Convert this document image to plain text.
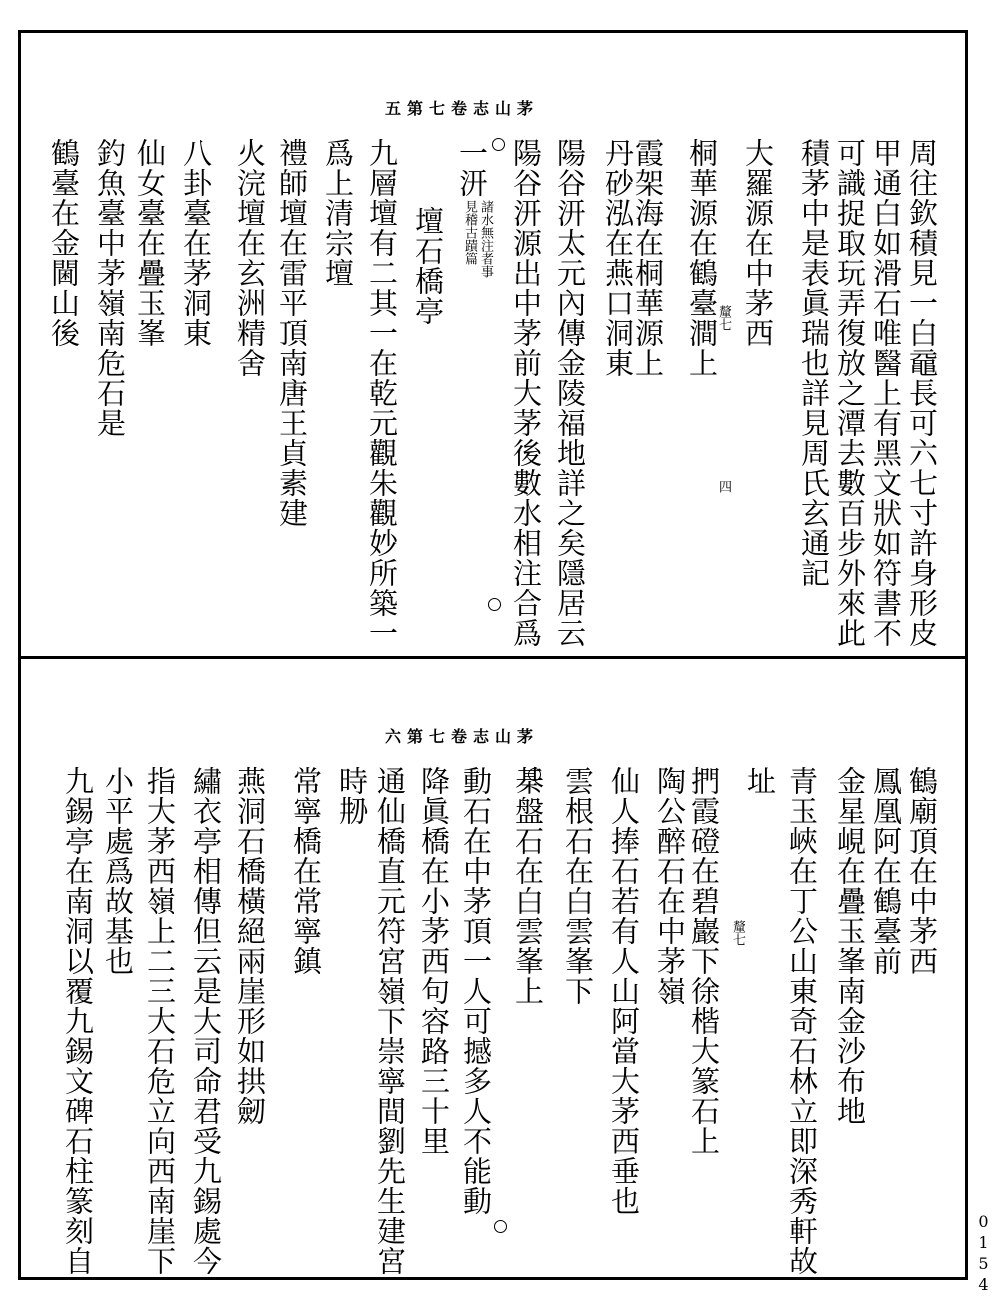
茅山志卷七第五
茅山志卷七第六
周往欽積見一白黿長可六七寸許身形皮
甲通白如滑石唯醫上有黑文狀如符書不
可識捉取玩弄復放之潭去數百步外來此
積茅中是表眞瑞也詳見周氏玄通記
大羅源在中茅西
桐華源在鶴臺澗上
霞架海在桐華源上
丹砂泓在燕口洞東
陽谷汧太元內傳金陵福地詳之矣隱居云
陽谷汧源出中茅前大茅後數水相注合爲
一汧
壇石橋亭
九層壇有二其一在乾元觀朱觀妙所築一
爲上清宗壇
禮師壇在雷平頂南唐王貞素建
火浣壇在玄洲精舍
八卦臺在茅洞東
仙女臺在疊玉峯
釣魚臺中茅嶺南危石是
鶴臺在金閫山後
鶴廟頂在中茅西
鳳凰阿在鶴臺前
金星峴在疊玉峯南金沙布地
青玉峽在丁公山東奇石林立即深秀軒故
址
捫霞磴在碧巖下徐楷大篆石上
陶公醉石在中茅嶺
仙人捧石若有人山阿當大茅西垂也
雲根石在白雲峯下
棊盤石在白雲峯上
動石在中茅頂一人可撼多人不能動
降眞橋在小茅西句容路三十里
通仙橋直元符宮嶺下崇寧間劉先生建宮
時刱
常寧橋在常寧鎮
燕洞石橋橫絕兩崖形如拱劒
繡衣亭相傳但云是大司命君受九錫處今
指大茅西嶺上二三大石危立向西南崖下
小平處爲故基也
九錫亭在南洞以覆九錫文碑石柱篆刻自
釐七
四
諸水無注者事
見稽古蹟篇
釐七
0154
